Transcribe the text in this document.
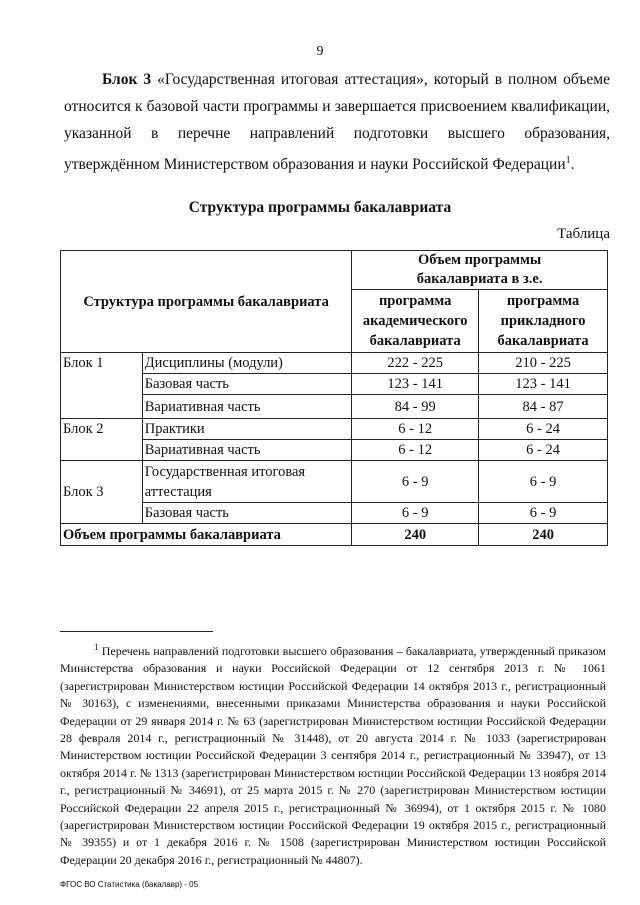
9
Блок 3 «Государственная итоговая аттестация», который в полном объеме относится к базовой части программы и завершается присвоением квалификации, указанной в перечне направлений подготовки высшего образования, утверждённом Министерством образования и науки Российской Федерации$^1$.
Структура программы бакалавриата
Таблица
Структура программы бакалавриата		Объем программы бакалавриата в з.е.	
		программа академического бакалавриата	программа прикладного бакалавриата
Блок 1	Дисциплины (модули)	222 - 225	210 - 225
	Базовая часть	123 - 141	123 - 141
	Вариативная часть	84 - 99	84 - 87
Блок 2	Практики	6 - 12	6 - 24
	Вариативная часть	6 - 12	6 - 24
Блок 3	Государственная итоговая аттестация	6 - 9	6 - 9
	Базовая часть	6 - 9	6 - 9
Объем программы бакалавриата		240	240
$^1$ Перечень направлений подготовки высшего образования – бакалавриата, утвержденный приказом Министерства образования и науки Российской Федерации от 12 сентября 2013 г. № 1061 (зарегистрирован Министерством юстиции Российской Федерации 14 октября 2013 г., регистрационный № 30163), с изменениями, внесенными приказами Министерства образования и науки Российской Федерации от 29 января 2014 г. № 63 (зарегистрирован Министерством юстиции Российской Федерации 28 февраля 2014 г., регистрационный № 31448), от 20 августа 2014 г. № 1033 (зарегистрирован Министерством юстиции Российской Федерации 3 сентября 2014 г., регистрационный № 33947), от 13 октября 2014 г. № 1313 (зарегистрирован Министерством юстиции Российской Федерации 13 ноября 2014 г., регистрационный № 34691), от 25 марта 2015 г. № 270 (зарегистрирован Министерством юстиции Российской Федерации 22 апреля 2015 г., регистрационный № 36994), от 1 октября 2015 г. № 1080 (зарегистрирован Министерством юстиции Российской Федерации 19 октября 2015 г., регистрационный № 39355) и от 1 декабря 2016 г. № 1508 (зарегистрирован Министерством юстиции Российской Федерации 20 декабря 2016 г., регистрационный № 44807).
ФГОС ВО Статистика (бакалавр) - 05
